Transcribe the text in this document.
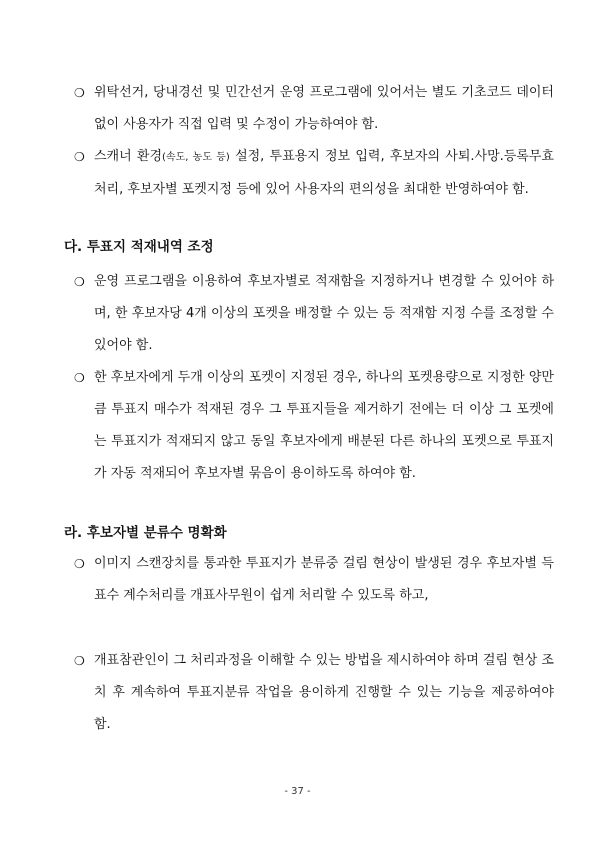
❍ 위탁선거, 당내경선 및 민간선거 운영 프로그램에 있어서는 별도 기초코드 데이터 없이 사용자가 직접 입력 및 수정이 가능하여야 함.

❍ 스캐너 환경(속도, 농도 등) 설정, 투표용지 정보 입력, 후보자의 사퇴.사망.등록무효 처리, 후보자별 포켓지정 등에 있어 사용자의 편의성을 최대한 반영하여야 함.

다. 투표지 적재내역 조정
❍ 운영 프로그램을 이용하여 후보자별로 적재함을 지정하거나 변경할 수 있어야 하며, 한 후보자당 4개 이상의 포켓을 배정할 수 있는 등 적재함 지정 수를 조정할 수 있어야 함.

❍ 한 후보자에게 두개 이상의 포켓이 지정된 경우, 하나의 포켓용량으로 지정한 양만큼 투표지 매수가 적재된 경우 그 투표지들을 제거하기 전에는 더 이상 그 포켓에는 투표지가 적재되지 않고 동일 후보자에게 배분된 다른 하나의 포켓으로 투표지가 자동 적재되어 후보자별 묶음이 용이하도록 하여야 함.

라. 후보자별 분류수 명확화
❍ 이미지 스캔장치를 통과한 투표지가 분류중 걸림 현상이 발생된 경우 후보자별 득표수 계수처리를 개표사무원이 쉽게 처리할 수 있도록 하고,

❍ 개표참관인이 그 처리과정을 이해할 수 있는 방법을 제시하여야 하며 걸림 현상 조치 후 계속하여 투표지분류 작업을 용이하게 진행할 수 있는 기능을 제공하여야 함.

- 37 -
